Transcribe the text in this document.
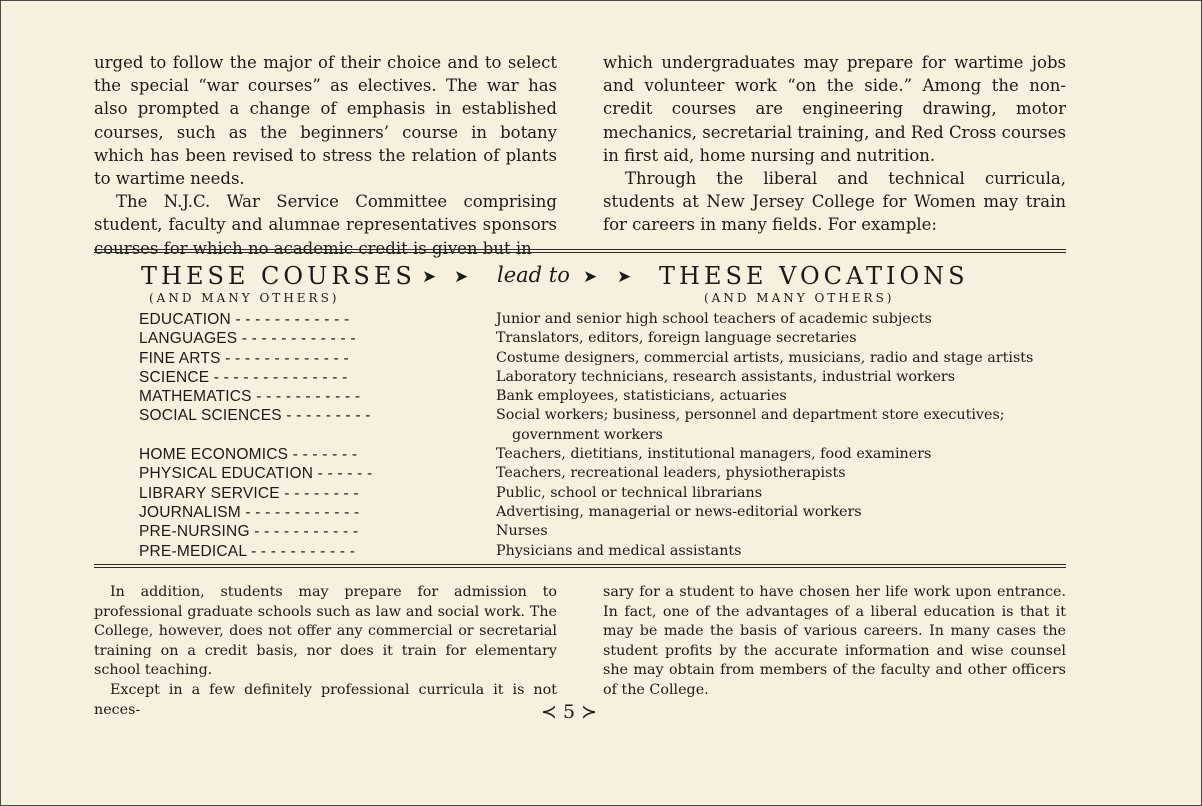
urged to follow the major of their choice and to select the special “war courses” as electives. The war has also prompted a change of emphasis in established courses, such as the beginners’ course in botany which has been revised to stress the relation of plants to wartime needs.

The N.J.C. War Service Committee comprising student, faculty and alumnae representatives sponsors courses for which no academic credit is given but in

which undergraduates may prepare for wartime jobs and volunteer work “on the side.” Among the non-credit courses are engineering drawing, motor mechanics, secretarial training, and Red Cross courses in first aid, home nursing and nutrition.

Through the liberal and technical curricula, students at New Jersey College for Women may train for careers in many fields. For example:

THESE COURSES ➤ ➤ lead to ➤ ➤ THESE VOCATIONS
(AND MANY OTHERS)	(AND MANY OTHERS)
EDUCATION - - - - - - - - - - - -	Junior and senior high school teachers of academic subjects
LANGUAGES - - - - - - - - - - - -	Translators, editors, foreign language secretaries
FINE ARTS - - - - - - - - - - - - -	Costume designers, commercial artists, musicians, radio and stage artists
SCIENCE - - - - - - - - - - - - - -	Laboratory technicians, research assistants, industrial workers
MATHEMATICS - - - - - - - - - - -	Bank employees, statisticians, actuaries
SOCIAL SCIENCES - - - - - - - - -	Social workers; business, personnel and department store executives;
government workers
HOME ECONOMICS - - - - - - -	Teachers, dietitians, institutional managers, food examiners
PHYSICAL EDUCATION - - - - - -	Teachers, recreational leaders, physiotherapists
LIBRARY SERVICE - - - - - - - -	Public, school or technical librarians
JOURNALISM - - - - - - - - - - - -	Advertising, managerial or news-editorial workers
PRE-NURSING - - - - - - - - - - -	Nurses
PRE-MEDICAL - - - - - - - - - - -	Physicians and medical assistants

In addition, students may prepare for admission to professional graduate schools such as law and social work. The College, however, does not offer any commercial or secretarial training on a credit basis, nor does it train for elementary school teaching.

Except in a few definitely professional curricula it is not neces-

sary for a student to have chosen her life work upon entrance. In fact, one of the advantages of a liberal education is that it may be made the basis of various careers. In many cases the student profits by the accurate information and wise counsel she may obtain from members of the faculty and other officers of the College.

≺ 5 ≻
